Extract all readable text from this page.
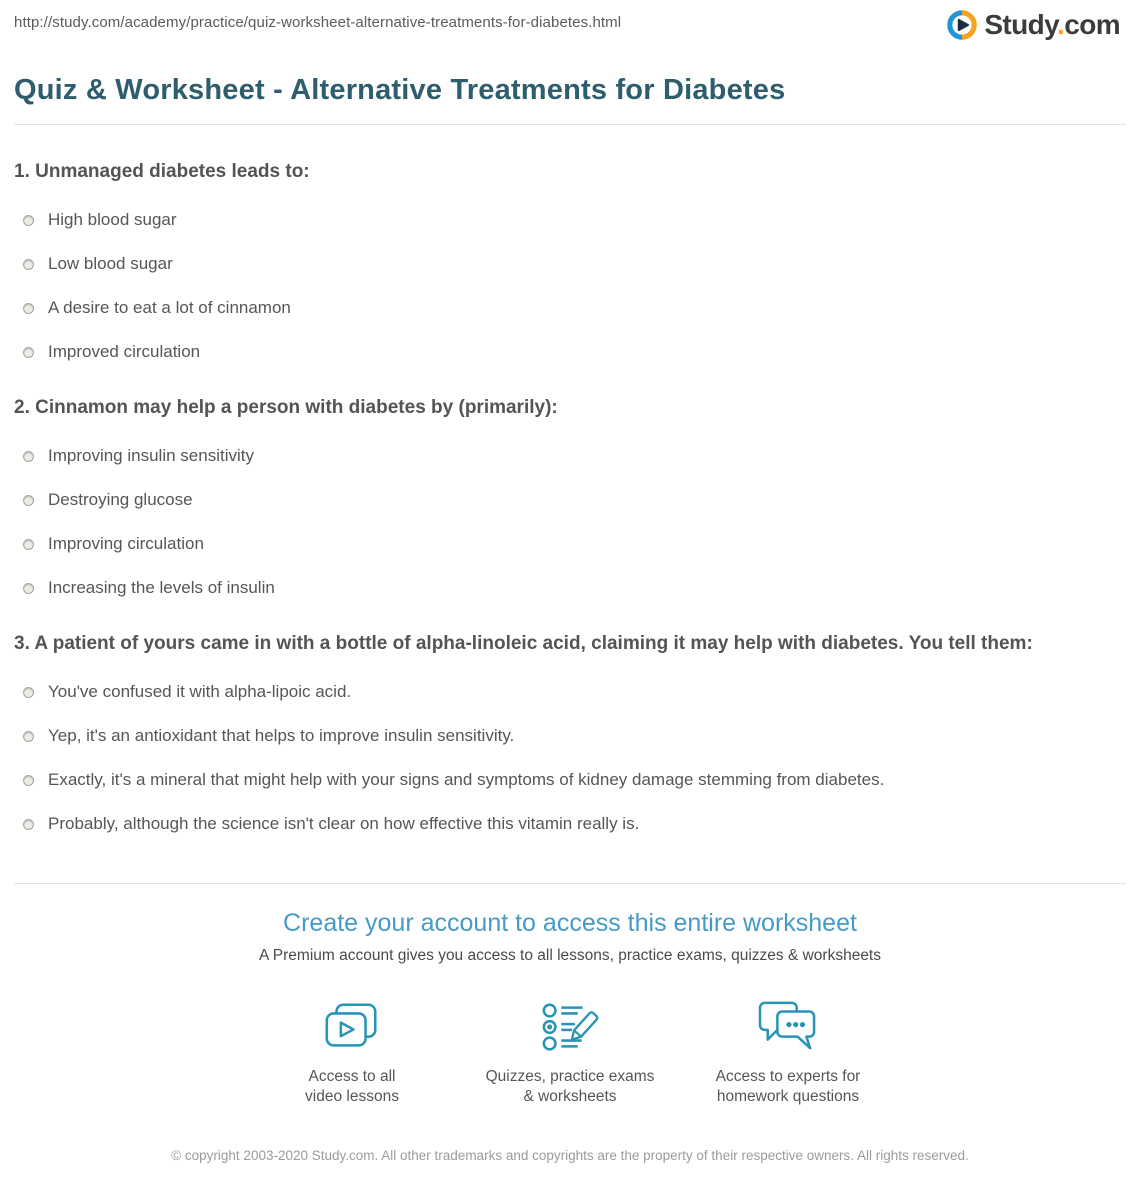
http://study.com/academy/practice/quiz-worksheet-alternative-treatments-for-diabetes.html	Study.com
Quiz & Worksheet - Alternative Treatments for Diabetes
1. Unmanaged diabetes leads to:
High blood sugar
Low blood sugar
A desire to eat a lot of cinnamon
Improved circulation
2. Cinnamon may help a person with diabetes by (primarily):
Improving insulin sensitivity
Destroying glucose
Improving circulation
Increasing the levels of insulin
3. A patient of yours came in with a bottle of alpha-linoleic acid, claiming it may help with diabetes. You tell them:
You've confused it with alpha-lipoic acid.
Yep, it's an antioxidant that helps to improve insulin sensitivity.
Exactly, it's a mineral that might help with your signs and symptoms of kidney damage stemming from diabetes.
Probably, although the science isn't clear on how effective this vitamin really is.
Create your account to access this entire worksheet
A Premium account gives you access to all lessons, practice exams, quizzes & worksheets
Access to all
video lessons
Quizzes, practice exams
& worksheets
Access to experts for
homework questions
© copyright 2003-2020 Study.com. All other trademarks and copyrights are the property of their respective owners. All rights reserved.
